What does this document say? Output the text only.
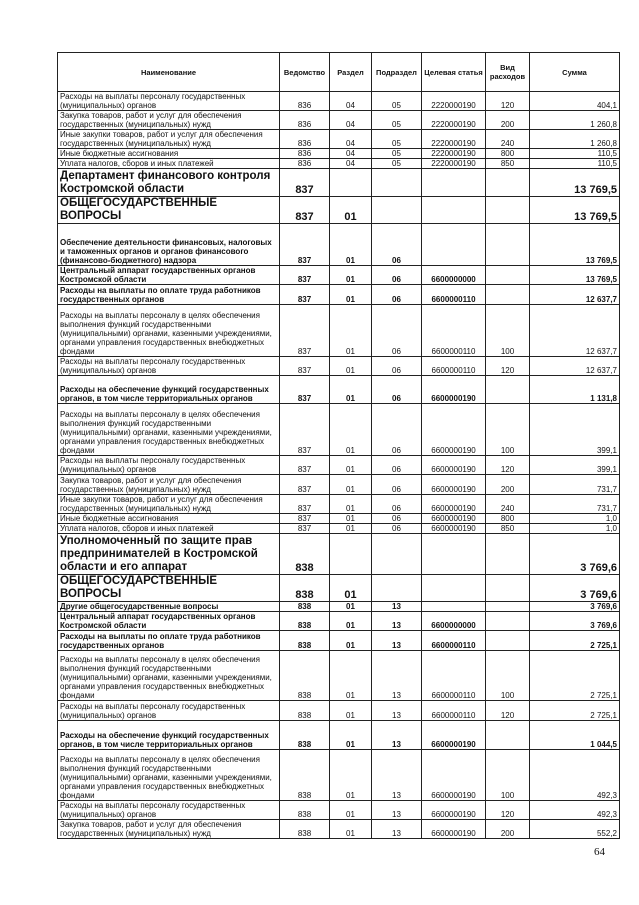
Наименование	Ведомство	Раздел	Подраздел	Целевая статья	Вид расходов	Сумма
Расходы на выплаты персоналу государственных (муниципальных) органов	836	04	05	2220000190	120	404,1
Закупка товаров, работ и услуг для обеспечения государственных (муниципальных) нужд	836	04	05	2220000190	200	1 260,8
Иные закупки товаров, работ и услуг для обеспечения государственных (муниципальных) нужд	836	04	05	2220000190	240	1 260,8
Иные бюджетные ассигнования	836	04	05	2220000190	800	110,5
Уплата налогов, сборов и иных платежей	836	04	05	2220000190	850	110,5
Департамент финансового контроля Костромской области	837					13 769,5
ОБЩЕГОСУДАРСТВЕННЫЕ ВОПРОСЫ	837	01				13 769,5
Обеспечение деятельности финансовых, налоговых и таможенных органов и органов финансового (финансово-бюджетного) надзора	837	01	06			13 769,5
Центральный аппарат государственных органов Костромской области	837	01	06	6600000000		13 769,5
Расходы на выплаты по оплате труда работников государственных органов	837	01	06	6600000110		12 637,7
Расходы на выплаты персоналу в целях обеспечения выполнения функций государственными (муниципальными) органами, казенными учреждениями, органами управления государственных внебюджетных фондами	837	01	06	6600000110	100	12 637,7
Расходы на выплаты персоналу государственных (муниципальных) органов	837	01	06	6600000110	120	12 637,7
Расходы на обеспечение функций государственных органов, в том числе территориальных органов	837	01	06	6600000190		1 131,8
Расходы на выплаты персоналу в целях обеспечения выполнения функций государственными (муниципальными) органами, казенными учреждениями, органами управления государственных внебюджетных фондами	837	01	06	6600000190	100	399,1
Расходы на выплаты персоналу государственных (муниципальных) органов	837	01	06	6600000190	120	399,1
Закупка товаров, работ и услуг для обеспечения государственных (муниципальных) нужд	837	01	06	6600000190	200	731,7
Иные закупки товаров, работ и услуг для обеспечения государственных (муниципальных) нужд	837	01	06	6600000190	240	731,7
Иные бюджетные ассигнования	837	01	06	6600000190	800	1,0
Уплата налогов, сборов и иных платежей	837	01	06	6600000190	850	1,0
Уполномоченный по защите прав предпринимателей в Костромской области и его аппарат	838					3 769,6
ОБЩЕГОСУДАРСТВЕННЫЕ ВОПРОСЫ	838	01				3 769,6
Другие общегосударственные вопросы	838	01	13			3 769,6
Центральный аппарат государственных органов Костромской области	838	01	13	6600000000		3 769,6
Расходы на выплаты по оплате труда работников государственных органов	838	01	13	6600000110		2 725,1
Расходы на выплаты персоналу в целях обеспечения выполнения функций государственными (муниципальными) органами, казенными учреждениями, органами управления государственных внебюджетных фондами	838	01	13	6600000110	100	2 725,1
Расходы на выплаты персоналу государственных (муниципальных) органов	838	01	13	6600000110	120	2 725,1
Расходы на обеспечение функций государственных органов, в том числе территориальных органов	838	01	13	6600000190		1 044,5
Расходы на выплаты персоналу в целях обеспечения выполнения функций государственными (муниципальными) органами, казенными учреждениями, органами управления государственных внебюджетных фондами	838	01	13	6600000190	100	492,3
Расходы на выплаты персоналу государственных (муниципальных) органов	838	01	13	6600000190	120	492,3
Закупка товаров, работ и услуг для обеспечения государственных (муниципальных) нужд	838	01	13	6600000190	200	552,2
64
